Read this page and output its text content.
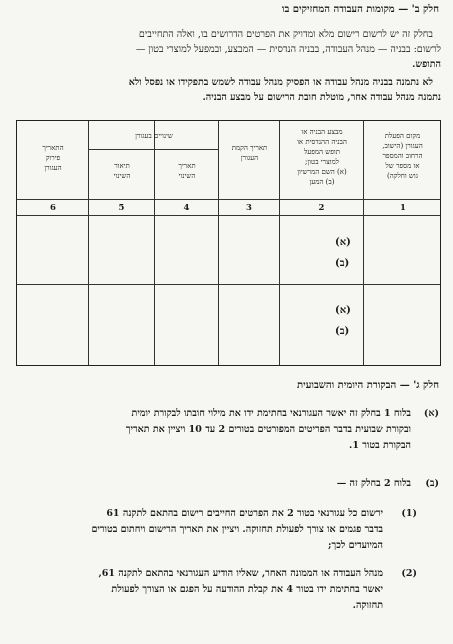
חלק ב' — מקומות העבודה המחזיקים בו
בחלק זה יש לרשום רישום מלא ומדויק את הפרטים הדרושים בו, ואלה התחייבים
לרשום: בבניה — מנהל העבודה, בבניה הנדסית — המבצע, ובמפעל למוצרי בטון —
התופש.
לא נתמנה בבניה מנהל עבודה או הפסיק מנהל עבודה לשמש בתפקידו או נפסל ולא
נתמנה מנהל עבודה אחר, מוטלת חובת הרישום על מבצע הבניה.
מקום הפעלת
העגורן (הישוב,
הרחוב והמספר
או מספר של
גוש וחלקה)
מבצע הבניה או
הבניה ההנדסית או
תופש המפעל
למוצרי בטון;
(א) השם המרשיון
(ב) המען
תאריך הקמת
העגורן
שינויים בעגורן
תאריך
השינוי
תיאור
השינוי
התאריך
פירוק
העגורן
1
2
3
4
5
6
(א)
(ב)
(א)
(ב)
חלק ג' — הבקורת היומית והשבועית
(א)
בלוח 1 בחלק זה יאשר העגורנאי בחתימת ידו את מילוי חובתו לבקורת יומית
ובקורת שבועית בדבר הפריטים המפורטים בטורים 2 עד 10 ויציין את תאריך
הבקורת בטור 1.
(ב)
בלוח 2 בחלק זה —
(1)
ירשום כל עגורנאי בטור 2 את הפרטים החייבים רישום בהתאם לתקנה 61
בדבר פגמים או צורך לפעולת תחזוקה. ויציין את תאריך הרישום ויחתום בטורים
המיועדים לכך;
(2)
מנהל העבודה או הממונה האחר, שאליו הודיע העגורנאי בהתאם לתקנה 61,
יאשר בחתימת ידו בטור 4 את קבלת ההודעה על הפגם או הצורך לפעולת
תחזוקה.
